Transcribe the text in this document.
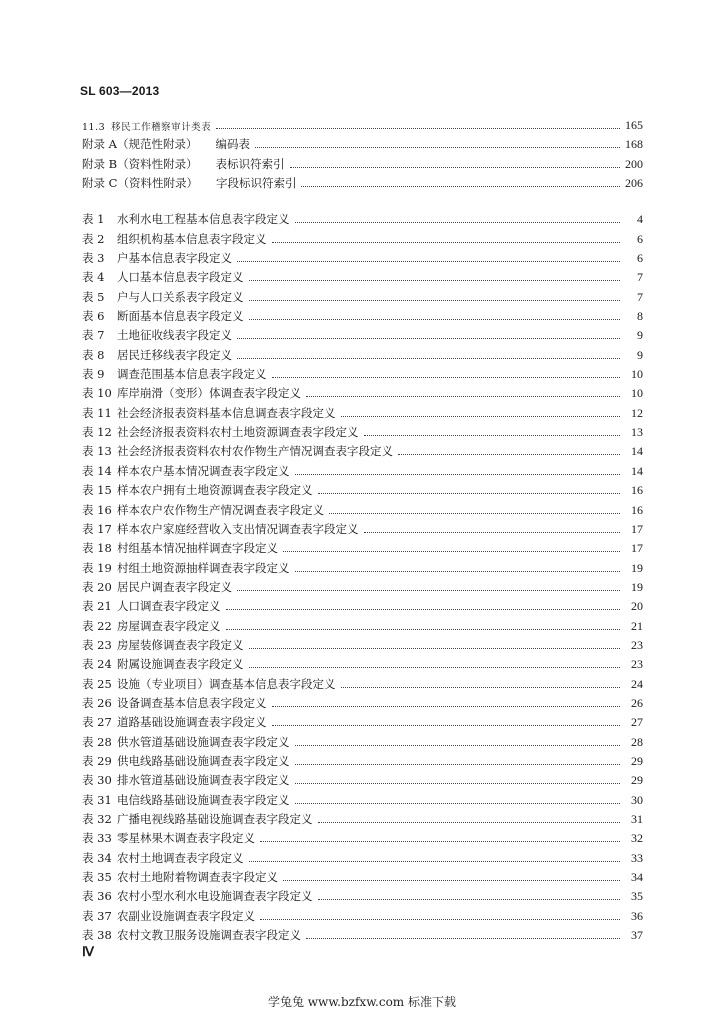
SL 603—2013
11.3 移民工作稽察审计类表	165
附录 A（规范性附录）	编码表	168
附录 B（资料性附录）	表标识符索引	200
附录 C（资料性附录）	字段标识符索引	206
表 1	水利水电工程基本信息表字段定义	4
表 2	组织机构基本信息表字段定义	6
表 3	户基本信息表字段定义	6
表 4	人口基本信息表字段定义	7
表 5	户与人口关系表字段定义	7
表 6	断面基本信息表字段定义	8
表 7	土地征收线表字段定义	9
表 8	居民迁移线表字段定义	9
表 9	调查范围基本信息表字段定义	10
表 10 库岸崩滑（变形）体调查表字段定义	10
表 11 社会经济报表资料基本信息调查表字段定义	12
表 12 社会经济报表资料农村土地资源调查表字段定义	13
表 13 社会经济报表资料农村农作物生产情况调查表字段定义	14
表 14 样本农户基本情况调查表字段定义	14
表 15 样本农户拥有土地资源调查表字段定义	16
表 16 样本农户农作物生产情况调查表字段定义	16
表 17 样本农户家庭经营收入支出情况调查表字段定义	17
表 18 村组基本情况抽样调查字段定义	17
表 19 村组土地资源抽样调查表字段定义	19
表 20 居民户调查表字段定义	19
表 21 人口调查表字段定义	20
表 22 房屋调查表字段定义	21
表 23 房屋装修调查表字段定义	23
表 24 附属设施调查表字段定义	23
表 25 设施（专业项目）调查基本信息表字段定义	24
表 26 设备调查基本信息表字段定义	26
表 27 道路基础设施调查表字段定义	27
表 28 供水管道基础设施调查表字段定义	28
表 29 供电线路基础设施调查表字段定义	29
表 30 排水管道基础设施调查表字段定义	29
表 31 电信线路基础设施调查表字段定义	30
表 32 广播电视线路基础设施调查表字段定义	31
表 33 零星林果木调查表字段定义	32
表 34 农村土地调查表字段定义	33
表 35 农村土地附着物调查表字段定义	34
表 36 农村小型水利水电设施调查表字段定义	35
表 37 农副业设施调查表字段定义	36
表 38 农村文教卫服务设施调查表字段定义	37
Ⅳ
学兔兔 www.bzfxw.com 标准下载
